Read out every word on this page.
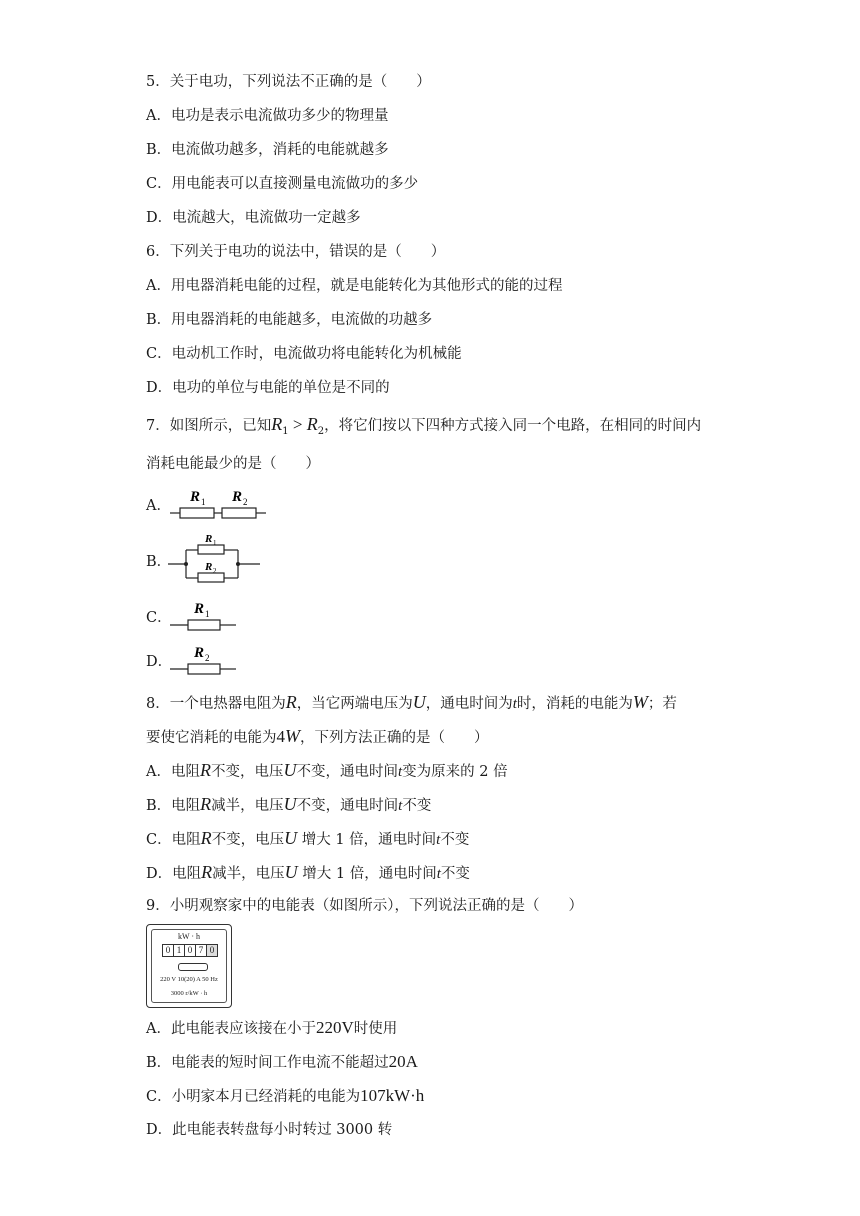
5．关于电功，下列说法不正确的是（　　）
A．电功是表示电流做功多少的物理量
B．电流做功越多，消耗的电能就越多
C．用电能表可以直接测量电流做功的多少
D．电流越大，电流做功一定越多
6．下列关于电功的说法中，错误的是（　　）
A．用电器消耗电能的过程，就是电能转化为其他形式的能的过程
B．用电器消耗的电能越多，电流做的功越多
C．电动机工作时，电流做功将电能转化为机械能
D．电功的单位与电能的单位是不同的
7．如图所示，已知$R_1 > R_2$，将它们按以下四种方式接入同一个电路，在相同的时间内
消耗电能最少的是（　　）
A．
R 1 R 2
B．
R 1
R 2
C．
R 1
D．
R 2
8．一个电热器电阻为R，当它两端电压为U，通电时间为t时，消耗的电能为W；若
要使它消耗的电能为4W，下列方法正确的是（　　）
A．电阻R不变，电压U不变，通电时间t变为原来的 2 倍
B．电阻R减半，电压U不变，通电时间t不变
C．电阻R不变，电压U 增大 1 倍，通电时间t不变
D．电阻R减半，电压U 增大 1 倍，通电时间t不变
9．小明观察家中的电能表（如图所示），下列说法正确的是（　　）
kW · h
0 1 0 7 0
220 V 10(20) A 50 Hz
3000 r/kW · h
A．此电能表应该接在小于220V时使用
B．电能表的短时间工作电流不能超过20A
C．小明家本月已经消耗的电能为107kW·h
D．此电能表转盘每小时转过 3000 转
